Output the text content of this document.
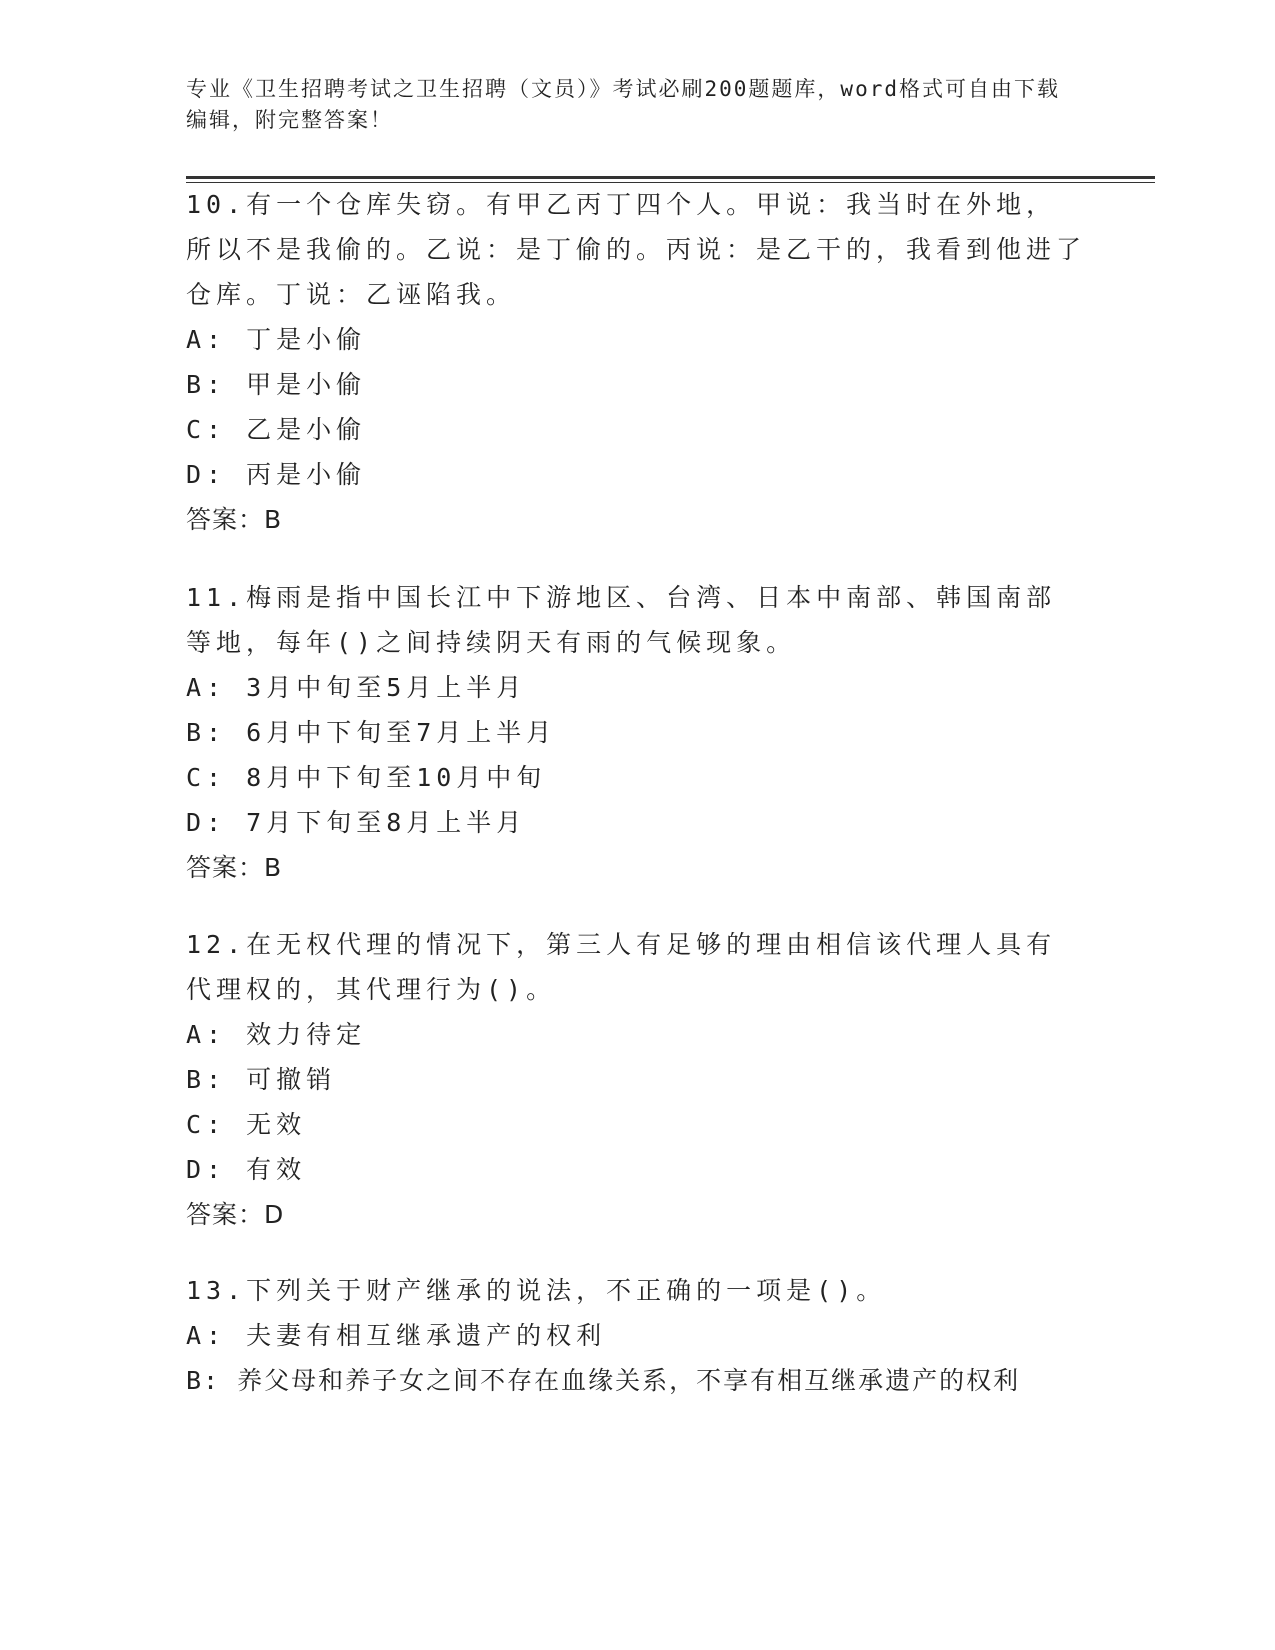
专业《卫生招聘考试之卫生招聘（文员）》考试必刷200题题库，word格式可自由下载编辑，附完整答案！

10.有一个仓库失窃。有甲乙丙丁四个人。甲说：我当时在外地，所以不是我偷的。乙说：是丁偷的。丙说：是乙干的，我看到他进了仓库。丁说：乙诬陷我。

A: 丁是小偷

B: 甲是小偷

C: 乙是小偷

D: 丙是小偷

答案：B

11.梅雨是指中国长江中下游地区、台湾、日本中南部、韩国南部等地，每年()之间持续阴天有雨的气候现象。

A: 3月中旬至5月上半月

B: 6月中下旬至7月上半月

C: 8月中下旬至10月中旬

D: 7月下旬至8月上半月

答案：B

12.在无权代理的情况下，第三人有足够的理由相信该代理人具有代理权的，其代理行为()。

A: 效力待定

B: 可撤销

C: 无效

D: 有效

答案：D

13.下列关于财产继承的说法，不正确的一项是()。

A: 夫妻有相互继承遗产的权利

B: 养父母和养子女之间不存在血缘关系，不享有相互继承遗产的权利
